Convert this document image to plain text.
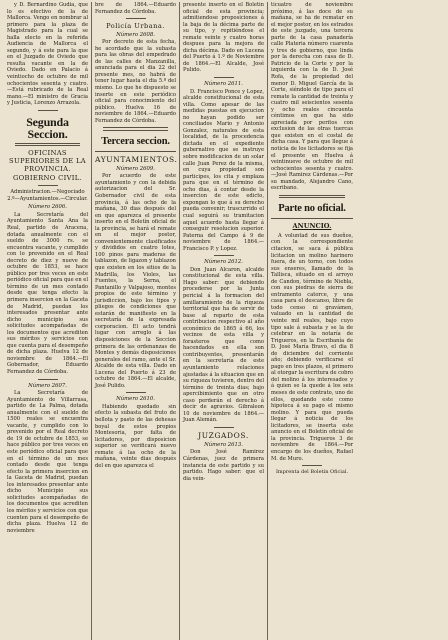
y D. Bernardino Gudia, que lo es efectivo de la de Mallorca. Vengo en nombrar al primero para la plaza de Magistrado para la cual se halla electo en la referida Audiencia de Mallorca el segundo, y á este para la que en el Juzgado de Oviedo que resulta vacante en la de Oviedo. Dado en Palacio á veintiocho de octubre de mil ochocientos sesenta y cuatro.—Está rubricado de la Real mano.—El ministro de Gracia y Justicia, Lorenzo Arrazola.

Segunda Seccion.
OFICINAS SUPERIORES DE LA PROVINCIA.
GOBIERNO CIVIL.

Administracion.—Negociado 2.º—Ayuntamientos.—Circular.

Número 2606.

La Secretaría del Ayuntamiento Santa Ana la Real, partido de Aracena, dotada anualmente con el sueldo de 3000 rs. se encuentra vacante, y cumplido con lo prevenido en el Real decreto de diez y nueve de octubre de 1853, se hace público por tres veces en este periódico oficial para que en el término de un mes contado desde que tenga efecto la primera insercion en la Gaceta de Madrid, puedan los interesados presentar ante dicho municipio sus solicitudes acompañadas de los documentos que acrediten sus méritos y servicios con que cuenta para el desempeño de dicha plaza. Huelva 12 de noviembre de 1864.—El Gobernador, Eduardo Fernandez de Córdoba.

Número 2607.

La Secretaría de Ayuntamiento de Villarrasa, partido de La Palma, dotada anualmente con el sueldo de 1500 reales se encuentra vacante, y cumplido con lo prevenido por el Real decreto de 19 de octubre de 1853, se hace público por tres veces en este periódico oficial para que en el término de un mes contado desde que tenga efecto la primera insercion en la Gaceta de Madrid, puedan los interesados presentar ante dicho Municipio sus solicitudes acompañadas de los documentos que acrediten los méritos y servicios con que cuenten para el desempeño de dicha plaza. Huelva 12 de noviembre

bre de 1864.—Eduardo Fernandez de Córdoba.

Policía Urbana.
Número 2608.

Por decreto de esta fecha, he acordado que la subasta para las obras del empedrado de las calles de Manzanilla, anunciada para el dia 22 del presente mes, no habrá de tener lugar hasta el dia 5.º del mismo. Lo que he dispuesto se inserte en este periódico oficial para conocimiento del público. Huelva 16 de noviembre de 1864.—Eduardo Fernandez de Córdoba.

Tercera seccion.
AYUNTAMIENTOS.
Número 2609.

Por acuerdo de este ayuntamiento y con la debida autorizacion del Sr. Gobernador civil de esta provincia, á las ocho de la mañana, 30 dias después del en que aparezca el presente inserto en el Boletín oficial de la provincia, se hará el remate en el mejor postor, convenientemente clasificados y divididos en cuatro lotes, 100 pinos para maderas de tablazon, de ligazon y tablazon que existen en los sitios de la Madrilla, los Violes, las Fuentes, la Serna, el Pantanillo y Valpajoso, montes propios de este término y jurisdiccion, bajo los tipos y pliegos de condiciones que estarán de manifiesto en la secretaría de la expresada corporacion. El acto tendrá lugar con arreglo á las disposiciones de la Seccion primera de las ordenanzas de Montes y demás disposiciones generales del ramo, ante el Sr. Alcalde de esta villa. Dado en Lucena del Puerto á 23 de octubre de 1864.—El alcalde, José Pulido.

Número 2610.

Habiendo quedado sin efecto la subasta del fruto de bellota y pasto de las dehesas boyal de estos propios Montesoria, por falta de licitadores, por disposicion superior se verificará nuevo remate á las ocho de la mañana, veinte dias después del en que aparezca el

presente inserto en el Boletin oficial de esta provincia; admitiendose proposiciones á la baja de la décima parte de su tipo, y repitiéndose el remate veinte y cuatro horas despues para la mejora de dicha décima. Dado en Lucena del Puerto á 1.º de Noviembre de 1864.—El Alcalde, José Pulido.

Número 2611.

D. Francisco Ponce y Lopez, alcalde constitucional de esta villa. Como apesar de las medidas puestas en ejecucion no hayan podido ser conciliados Mario y Antonio Gonzalez, naturales de esta localidad, de la procedencia dictada en el expediente gubernativo que se instruye sobre modificacion de un solar calle Juan Perez de la misma, en cuya propiedad son participes, los cita y emplaza para que en el término de ocho dias, á contar desde la insercion de este edicto, expongan lo que á su derecho pueda convenir; trascurrido el cual seguirá su tramitacion aquel acuerdo hasta llegar á conseguir resolucion superior. Paterna del Campo á 9 de noviembre de 1864.—Francisco P. y Lopez.

Número 2612.

Don Juan Alcaron, alcalde constitucional de esta villa. Hago saber: que debiendo procederse por la Junta pericial á la formacion del amillaramiento de la riqueza territorial que ha de servir de base al reparto de esta contribucion respectivo al año económico de 1865 á 66, los vecinos de esta villa y forasteros que como hacendados en ella son contribuyentes, presentarán en la secretaría de este ayuntamiento relaciones ajustadas á la situacion que en su riqueza tuvieren, dentro del término de treinta dias; bajo apercibimiento que en otro caso perderán el derecho á decir de agravios. Gibraleon 10 de noviembre de 1864.—Juan Alemán.

JUZGADOS.
Número 2613.

Don José Ramirez Cárdenas, juez de primera instancia de este partido y su partido. Hago saber: que el dia vein-

ticuatro de noviembre próximo, á las doce de su mañana, se ha de rematar en el mejor postor, en los estrados de este juzgado, una tercera parte de la casa panadería calle Plateria número cuarenta y tres de gobierno, que linda por la derecha con casa de D. Patricio de la Corte y por la izquierda con la de D. José Rofa, de la propiedad del menor D. Miguel García de la Corte, siéndole de tipo para el remate la cantidad de treinta y cuatro mil seiscientos sesenta y ocho reales cincuenta céntimos en que ha sido apreciada por peritos con exclusion de las otras tuercas que existen en el costal de dicha casa. Y para que llegue á noticia de los licitadores se fija el presente en Huelva á veintinueve de octubre de mil ochocientos sesenta y cuatro.—José Ramirez Cárdenas.—Por su mandado, Alejandro Cano, escribano.

Parte no oficial.
ANUNCIO.

A voluntad de sus dueños, con la correspondiente citacion, se saca á pública licitacion un molino harinero fuera, de un torno, con todos sus enseres, llamado de la Tallisca, situado en el arroyo de Candon, término de Niebla, con sus piedras de sierra de entramento catorce, y una casa para el descanso, libre de todo censo ni gravámen, valuado en la cantidad de veinte mil reales, bajo cuyo tipo sale á subasta y se la de celebrar en la notaría de Trigueros, en la Escribanía de D. José María Bravo, el dia 8 de diciembre del corriente año; debiendo verificarse el pago en tres plazos, el primero al otorgar la escritura de cobro del molino á los interesados y á quien se la quede á los seis meses de este contrato, uno de ellos, quedando este como hipoteca á su pago el mismo molino. Y para que pueda llegar á noticia de los licitadores, se inserta este anuncio en el Boletin oficial de la provincia. Trigueros 3 de noviembre de 1864.—Por encargo de los dueños, Rafael M. de Muro.

Imprenta del Boletin Oficial.
